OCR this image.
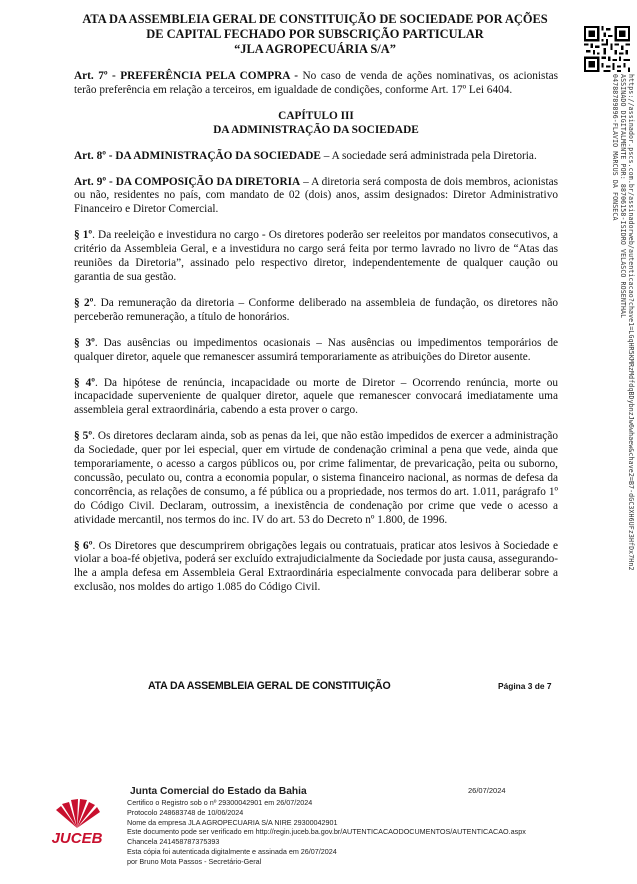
ATA DA ASSEMBLEIA GERAL DE CONSTITUIÇÃO DE SOCIEDADE POR AÇÕES
DE CAPITAL FECHADO POR SUBSCRIÇÃO PARTICULAR
“JLA AGROPECUÁRIA S/A”
https://assinador.pscs.com.br/assinadorweb/autenticacao?chave1=LGqHR5KMRzMdfdqBDybnzJw6whaew&chave2=B7-dGC3XH6UFz3HfDx7Hn2
ASSINADO DIGITALMENTE POR: 88706158-ISIDRO VELASCO ROSENTHAL
04788789896-FLAVIO MARCUS DA FONSECA

Art. 7º - PREFERÊNCIA PELA COMPRA - No caso de venda de ações nominativas, os acionistas terão preferência em relação a terceiros, em igualdade de condições, conforme Art. 17º Lei 6404.

CAPÍTULO III
DA ADMINISTRAÇÃO DA SOCIEDADE

Art. 8º - DA ADMINISTRAÇÃO DA SOCIEDADE – A sociedade será administrada pela Diretoria.

Art. 9º - DA COMPOSIÇÃO DA DIRETORIA – A diretoria será composta de dois membros, acionistas ou não, residentes no país, com mandato de 02 (dois) anos, assim designados: Diretor Administrativo Financeiro e Diretor Comercial.

§ 1º. Da reeleição e investidura no cargo - Os diretores poderão ser reeleitos por mandatos consecutivos, a critério da Assembleia Geral, e a investidura no cargo será feita por termo lavrado no livro de “Atas das reuniões da Diretoria”, assinado pelo respectivo diretor, independentemente de qualquer caução ou garantia de sua gestão.

§ 2º. Da remuneração da diretoria – Conforme deliberado na assembleia de fundação, os diretores não perceberão remuneração, a título de honorários.

§ 3º. Das ausências ou impedimentos ocasionais – Nas ausências ou impedimentos temporários de qualquer diretor, aquele que remanescer assumirá temporariamente as atribuições do Diretor ausente.

§ 4º. Da hipótese de renúncia, incapacidade ou morte de Diretor – Ocorrendo renúncia, morte ou incapacidade superveniente de qualquer diretor, aquele que remanescer convocará imediatamente uma assembleia geral extraordinária, cabendo a esta prover o cargo.

§ 5º. Os diretores declaram ainda, sob as penas da lei, que não estão impedidos de exercer a administração da Sociedade, quer por lei especial, quer em virtude de condenação criminal a pena que vede, ainda que temporariamente, o acesso a cargos públicos ou, por crime falimentar, de prevaricação, peita ou suborno, concussão, peculato ou, contra a economia popular, o sistema financeiro nacional, as normas de defesa da concorrência, as relações de consumo, a fé pública ou a propriedade, nos termos do art. 1.011, parágrafo 1º do Código Civil. Declaram, outrossim, a inexistência de condenação por crime que vede o acesso a atividade mercantil, nos termos do inc. IV do art. 53 do Decreto nº 1.800, de 1996.

§ 6º. Os Diretores que descumprirem obrigações legais ou contratuais, praticar atos lesivos à Sociedade e violar a boa-fé objetiva, poderá ser excluído extrajudicialmente da Sociedade por justa causa, assegurando-lhe a ampla defesa em Assembleia Geral Extraordinária especialmente convocada para deliberar sobre a exclusão, nos moldes do artigo 1.085 do Código Civil.

ATA DA ASSEMBLEIA GERAL DE CONSTITUIÇÃO	Página 3 de 7
JUCEB
Junta Comercial do Estado da Bahia	26/07/2024
Certifico o Registro sob o nº 29300042901 em 26/07/2024
Protocolo 248683748 de 10/06/2024
Nome da empresa JLA AGROPECUARIA S/A NIRE 29300042901
Este documento pode ser verificado em http://regin.juceb.ba.gov.br/AUTENTICACAODOCUMENTOS/AUTENTICACAO.aspx
Chancela 241458787375393
Esta cópia foi autenticada digitalmente e assinada em 26/07/2024
por Bruno Mota Passos - Secretário-Geral
